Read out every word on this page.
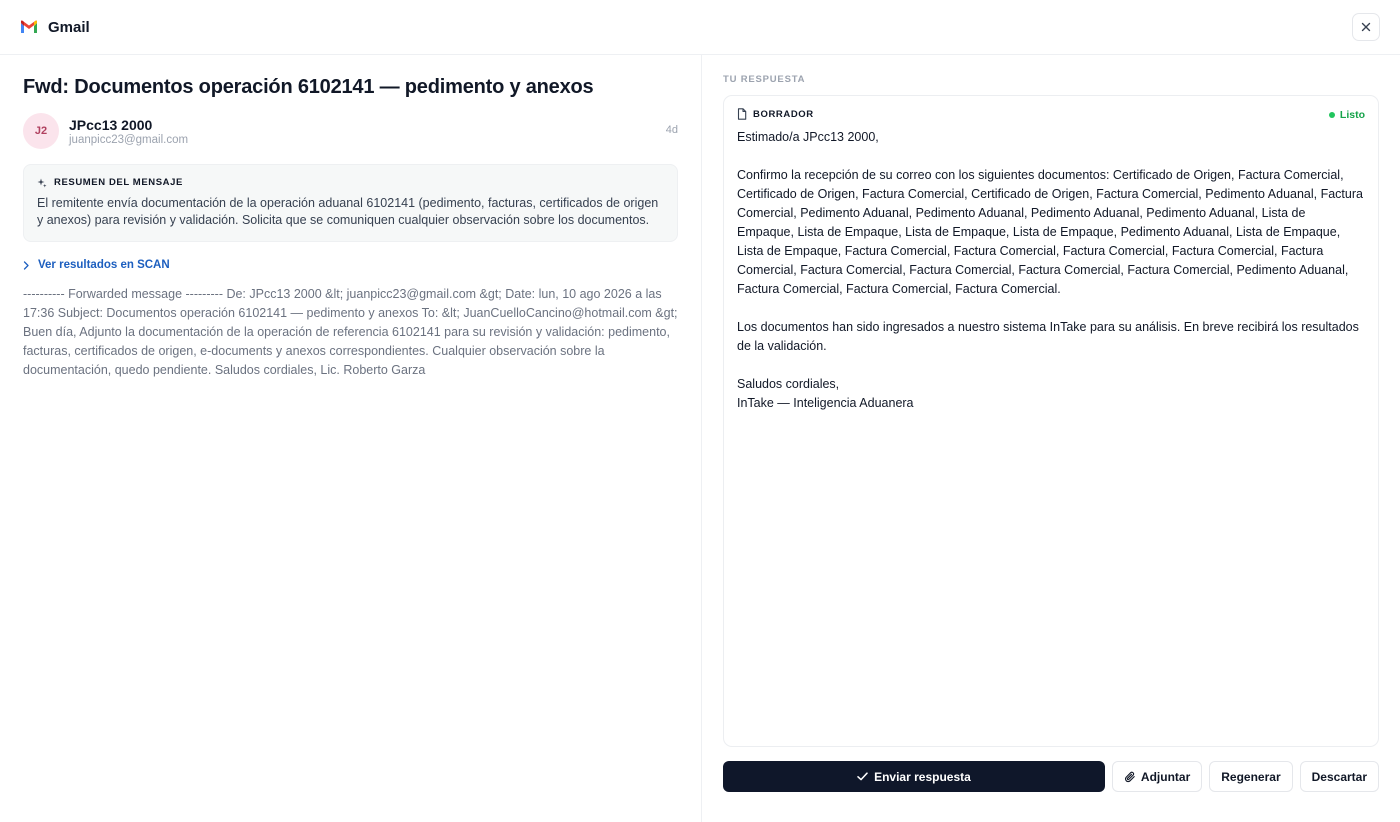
Gmail
Fwd: Documentos operación 6102141 — pedimento y anexos
J2	JPcc13 2000
juanpicc23@gmail.com
4d
RESUMEN DEL MENSAJE

El remitente envía documentación de la operación aduanal 6102141 (pedimento, facturas, certificados de origen y anexos) para revisión y validación. Solicita que se comuniquen cualquier observación sobre los documentos.

Ver resultados en SCAN

---------- Forwarded message --------- De: JPcc13 2000 &lt; juanpicc23@gmail.com &gt; Date: lun, 10 ago 2026 a las 17:36 Subject: Documentos operación 6102141 — pedimento y anexos To: &lt; JuanCuelloCancino@hotmail.com &gt; Buen día, Adjunto la documentación de la operación de referencia 6102141 para su revisión y validación: pedimento, facturas, certificados de origen, e-documents y anexos correspondientes. Cualquier observación sobre la documentación, quedo pendiente. Saludos cordiales, Lic. Roberto Garza

TU RESPUESTA
BORRADOR	Listo

Estimado/a JPcc13 2000,

Confirmo la recepción de su correo con los siguientes documentos: Certificado de Origen, Factura Comercial, Certificado de Origen, Factura Comercial, Certificado de Origen, Factura Comercial, Pedimento Aduanal, Factura Comercial, Pedimento Aduanal, Pedimento Aduanal, Pedimento Aduanal, Pedimento Aduanal, Lista de Empaque, Lista de Empaque, Lista de Empaque, Lista de Empaque, Pedimento Aduanal, Lista de Empaque, Lista de Empaque, Factura Comercial, Factura Comercial, Factura Comercial, Factura Comercial, Factura Comercial, Factura Comercial, Factura Comercial, Factura Comercial, Factura Comercial, Pedimento Aduanal, Factura Comercial, Factura Comercial, Factura Comercial.

Los documentos han sido ingresados a nuestro sistema InTake para su análisis. En breve recibirá los resultados de la validación.

Saludos cordiales,
InTake — Inteligencia Aduanera
Enviar respuesta	Adjuntar	Regenerar	Descartar
